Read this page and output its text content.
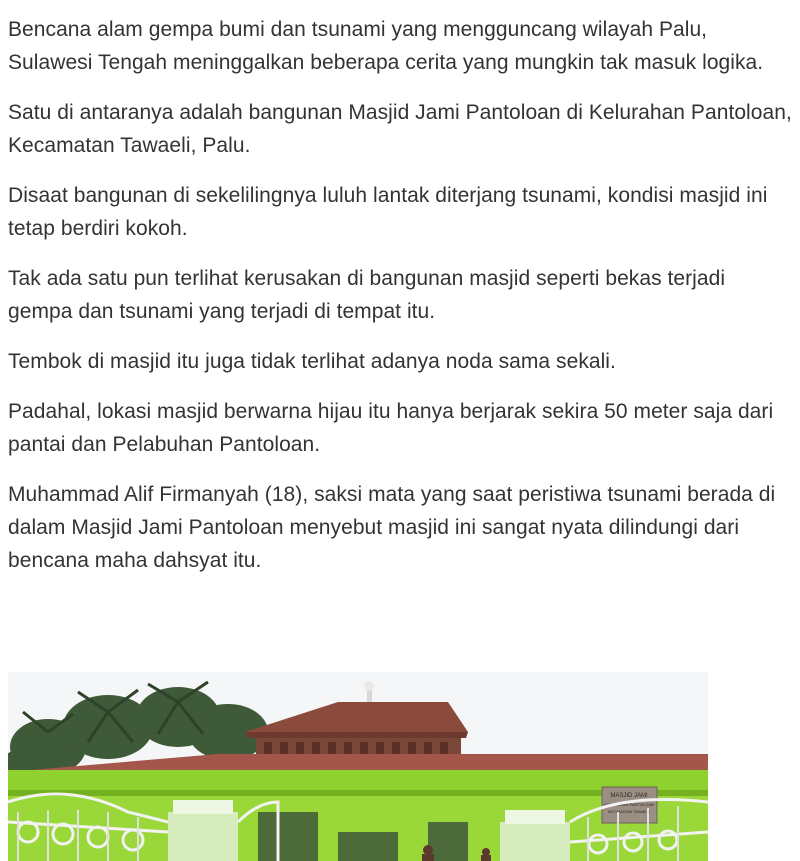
Bencana alam gempa bumi dan tsunami yang mengguncang wilayah Palu, Sulawesi Tengah meninggalkan beberapa cerita yang mungkin tak masuk logika.

Satu di antaranya adalah bangunan Masjid Jami Pantoloan di Kelurahan Pantoloan, Kecamatan Tawaeli, Palu.

Disaat bangunan di sekelilingnya luluh lantak diterjang tsunami, kondisi masjid ini tetap berdiri kokoh.

Tak ada satu pun terlihat kerusakan di bangunan masjid seperti bekas terjadi gempa dan tsunami yang terjadi di tempat itu.

Tembok di masjid itu juga tidak terlihat adanya noda sama sekali.

Padahal, lokasi masjid berwarna hijau itu hanya berjarak sekira 50 meter saja dari pantai dan Pelabuhan Pantoloan.

Muhammad Alif Firmanyah (18), saksi mata yang saat peristiwa tsunami berada di dalam Masjid Jami Pantoloan menyebut masjid ini sangat nyata dilindungi dari bencana maha dahsyat itu.

MASJID JAMI
KELURAHAN PANTOLOAN
KECAMATAN TAWAELI
